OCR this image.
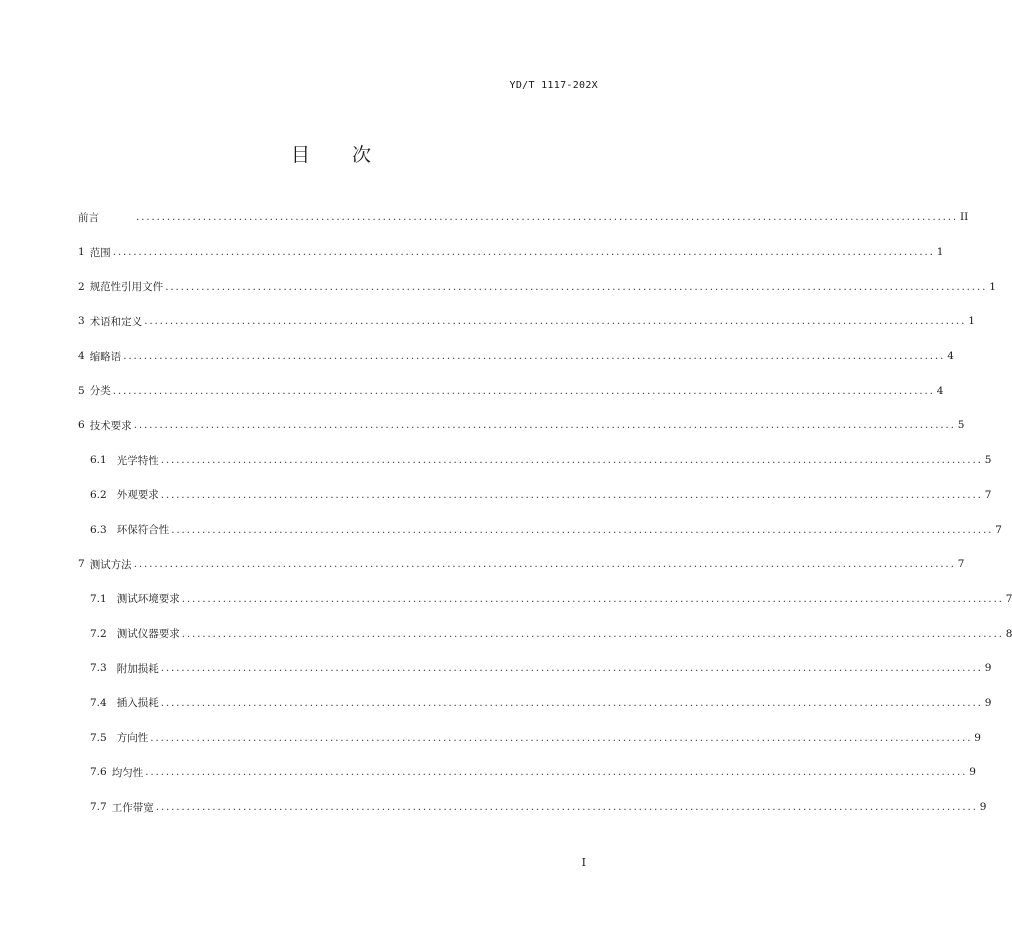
YD/T 1117-202X
目 次
前言	................................................................................................................................................................ II
1 范围 ................................................................................................................................................................ 1
2 规范性引用文件 ................................................................................................................................................................ 1
3 术语和定义 ................................................................................................................................................................ 1
4 缩略语 ................................................................................................................................................................ 4
5 分类 ................................................................................................................................................................ 4
6 技术要求 ................................................................................................................................................................ 5
6.1 光学特性 ................................................................................................................................................................ 5
6.2 外观要求 ................................................................................................................................................................ 7
6.3 环保符合性 ................................................................................................................................................................ 7
7 测试方法 ................................................................................................................................................................ 7
7.1 测试环境要求 ................................................................................................................................................................ 7
7.2 测试仪器要求 ................................................................................................................................................................ 8
7.3 附加损耗 ................................................................................................................................................................ 9
7.4 插入损耗 ................................................................................................................................................................ 9
7.5 方向性 ................................................................................................................................................................ 9
7.6 均匀性 ................................................................................................................................................................ 9
7.7 工作带宽 ................................................................................................................................................................ 9
I
